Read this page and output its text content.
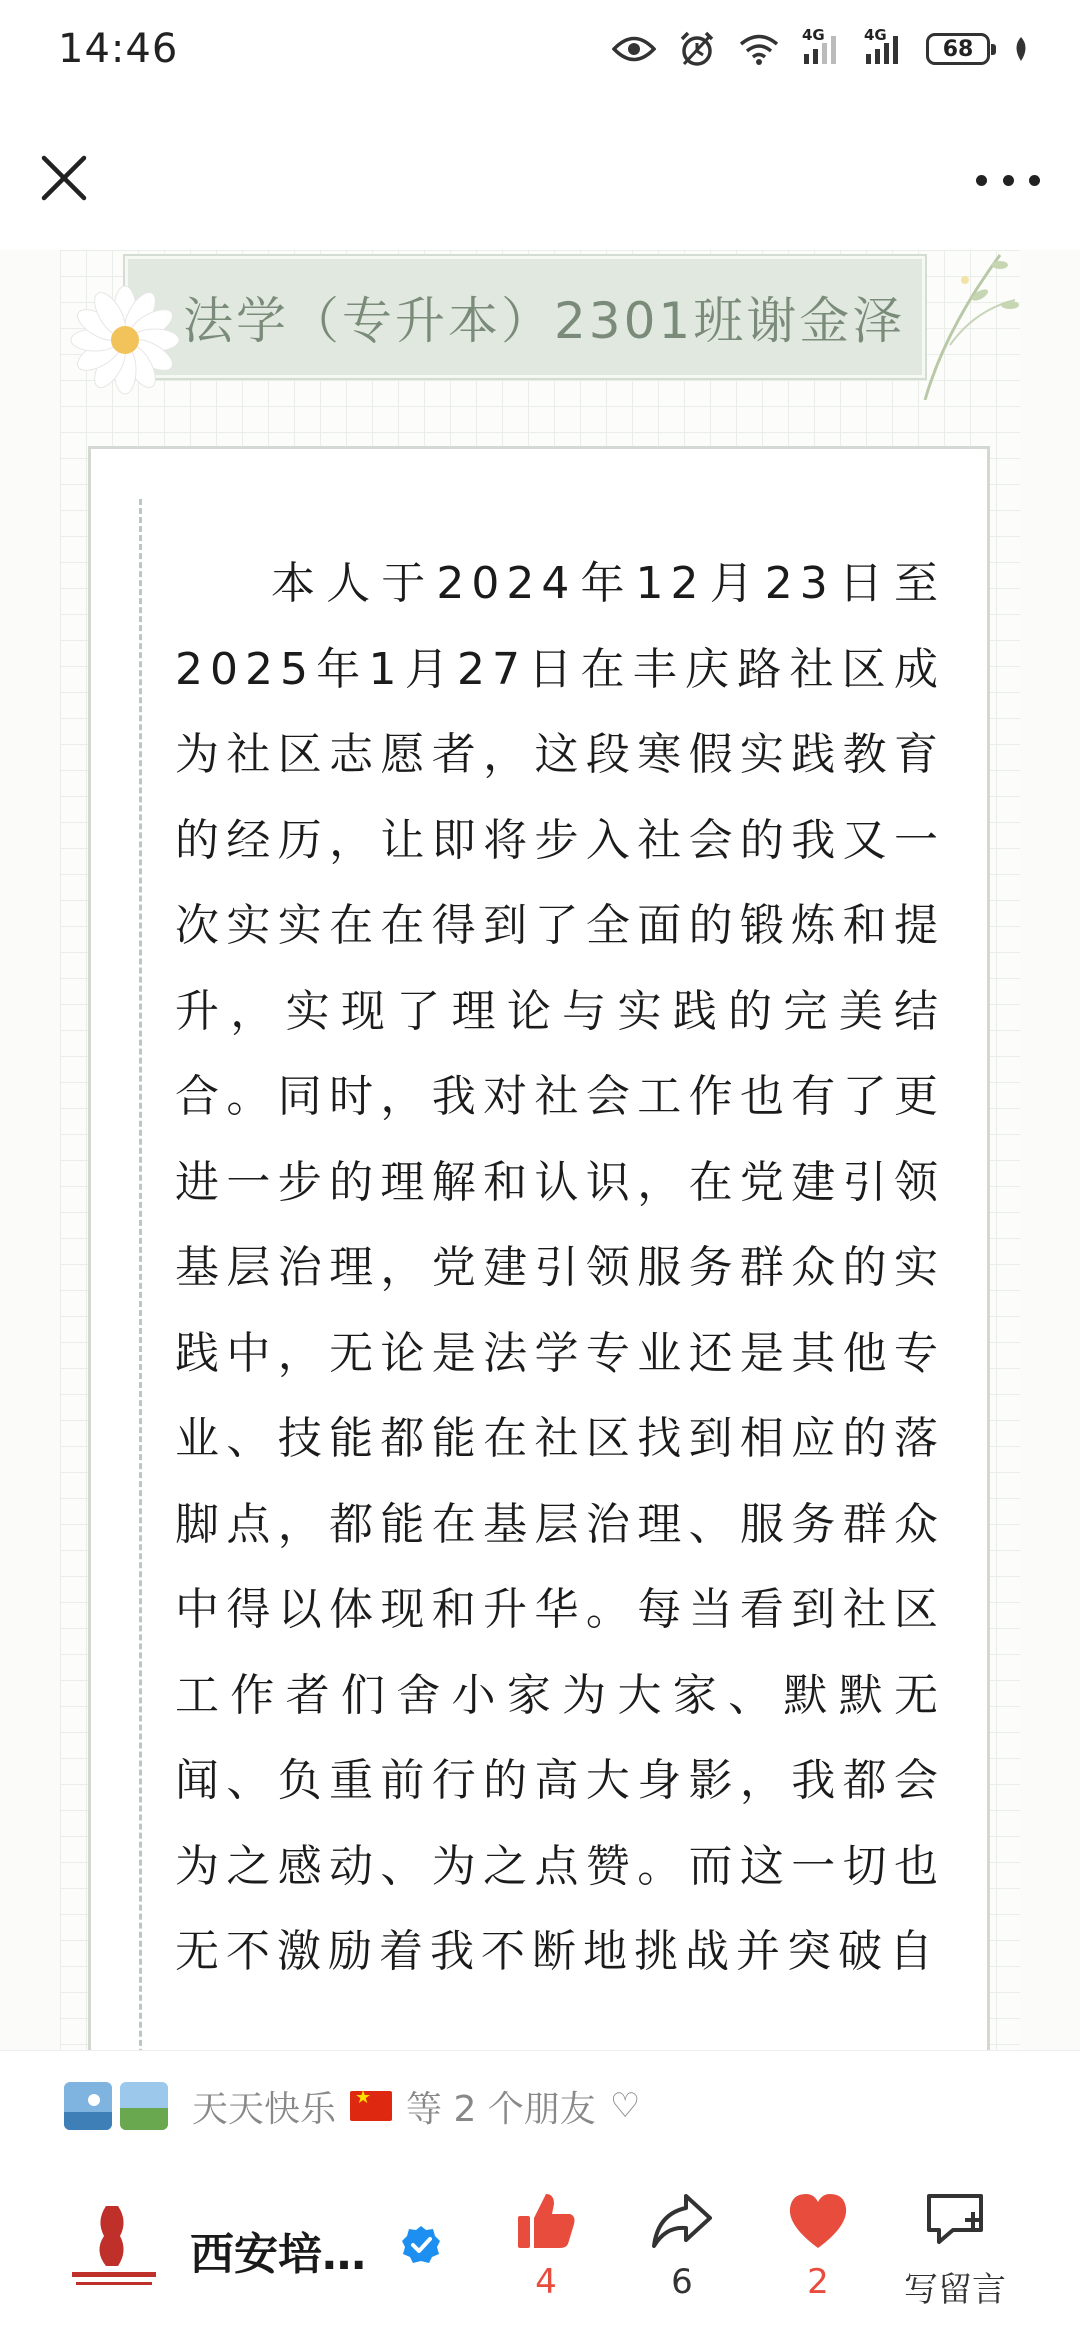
14:46	4G	4G
68
法学（专升本）2301班谢金泽
本人于2024年12月23日至2025年1月27日在丰庆路社区成为社区志愿者，这段寒假实践教育的经历，让即将步入社会的我又一次实实在在得到了全面的锻炼和提升，实现了理论与实践的完美结合。同时，我对社会工作也有了更进一步的理解和认识，在党建引领基层治理，党建引领服务群众的实践中，无论是法学专业还是其他专业、技能都能在社区找到相应的落脚点，都能在基层治理、服务群众中得以体现和升华。每当看到社区工作者们舍小家为大家、默默无闻、负重前行的高大身影，我都会为之感动、为之点赞。而这一切也无不激励着我不断地挑战并突破自
天天快乐
★ 等 2 个朋友 ♡
西安培…
4	6	2	写留言
